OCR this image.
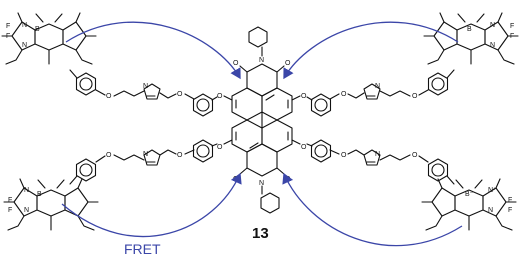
O	O
O	O
N
N
O	O
O	O
O
N
O
B
F
F
N
N
O
N
O
B	F
F
N
N
O
N
O
B
F
F
N
N
O	N	O
B⁻
F
F
N⁺
N
FRET
13
